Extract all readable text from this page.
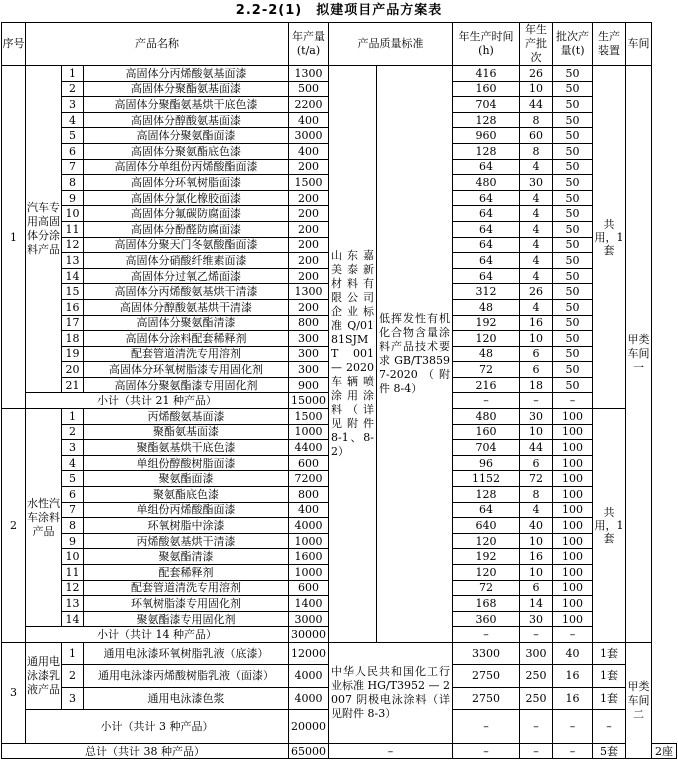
2.2-2(1)　拟建项目产品方案表
序号	产品名称			年产量(t/a)	产品质量标准		年生产时间(h)	年生产批次	批次产量(t)	生产装置	车间	
1	汽车专用高固体分涂料产品	1	高固体分丙烯酸氨基面漆	1300	山东嘉美泰新材料有限公司企业标准 Q/0181SJMT 001 — 2020 车辆喷涂用涂料（详见附件 8-1、8-2）	低挥发性有机化合物含量涂料产品技术要求 GB/T38597-2020（附件 8-4）	416	26	50	共用，1套	甲类车间一	
		2	高固体分聚酯氨基面漆	500			160	10	50			
		3	高固体分聚酯氨基烘干底色漆	2200			704	44	50			
		4	高固体分醇酸氨基面漆	400			128	8	50			
		5	高固体分聚氨酯面漆	3000			960	60	50			
		6	高固体分聚氨酯底色漆	400			128	8	50			
		7	高固体分单组份丙烯酸酯面漆	200			64	4	50			
		8	高固体分环氧树脂面漆	1500			480	30	50			
		9	高固体分氯化橡胶面漆	200			64	4	50			
		10	高固体分氟碳防腐面漆	200			64	4	50			
		11	高固体分酚醛防腐面漆	200			64	4	50			
		12	高固体分聚天门冬氨酸酯面漆	200			64	4	50			
		13	高固体分硝酸纤维素面漆	200			64	4	50			
		14	高固体分过氧乙烯面漆	200			64	4	50			
		15	高固体分丙烯酸氨基烘干清漆	1300			312	26	50			
		16	高固体分醇酸氨基烘干清漆	200			48	4	50			
		17	高固体分聚氨酯清漆	800			192	16	50			
		18	高固体分涂料配套稀释剂	300			120	10	50			
		19	配套管道清洗专用溶剂	300			48	6	50			
		20	高固体分环氧树脂漆专用固化剂	300			72	6	50			
		21	高固体分聚氨酯漆专用固化剂	900			216	18	50			
	小计（共计 21 种产品）			15000			–	–	–			
2	水性汽车涂料产品	1	丙烯酸氨基面漆	1500			480	30	100	共用，1套		
		2	聚酯氨基面漆	1000			160	10	100			
		3	聚酯氨基烘干底色漆	4400			704	44	100			
		4	单组份醇酸树脂面漆	600			96	6	100			
		5	聚氨酯面漆	7200			1152	72	100			
		6	聚氨酯底色漆	800			128	8	100			
		7	单组份丙烯酸酯面漆	400			64	4	100			
		8	环氧树脂中涂漆	4000			640	40	100			
		9	丙烯酸氨基烘干清漆	1000			120	10	100			
		10	聚氨酯清漆	1600			192	16	100			
		11	配套稀释剂	1000			120	10	100			
		12	配套管道清洗专用溶剂	600			72	6	100			
		13	环氧树脂漆专用固化剂	1400			168	14	100			
		14	聚氨酯漆专用固化剂	3000			360	30	100			
	小计（共计 14 种产品）			30000			–	–	–			
3	通用电泳漆乳液产品	1	通用电泳漆环氧树脂乳液（底漆）	12000	中华人民共和国化工行业标准 HG/T3952 — 2007 阴极电泳涂料（详见附件 8-3）		3300	300	40	1套	甲类车间二	
		2	通用电泳漆丙烯酸树脂乳液（面漆）	4000			2750	250	16	1套		
		3	通用电泳漆色浆	4000			2750	250	16	1套		
	小计（共计 3 种产品）			20000			–	–	–	–		
总计（共计 38 种产品）				65000	–		–	–	–	5套		2座
